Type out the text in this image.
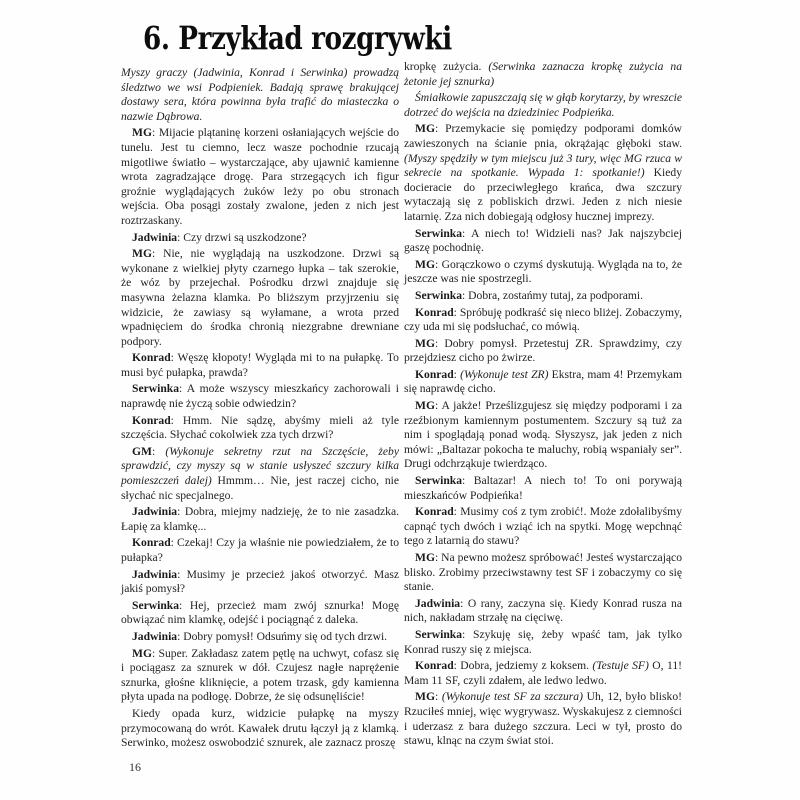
6. Przykład rozgrywki

Myszy graczy (Jadwinia, Konrad i Serwinka) prowadzą śledztwo we wsi Podpieniek. Badają sprawę brakującej dostawy sera, która powinna była trafić do miasteczka o nazwie Dąbrowa.

MG: Mijacie plątaninę korzeni osłaniających wejście do tunelu. Jest tu ciemno, lecz wasze pochodnie rzucają migotliwe światło – wystarczające, aby ujawnić kamienne wrota zagradzające drogę. Para strzegących ich figur groźnie wyglądających żuków leży po obu stronach wejścia. Oba posągi zostały zwalone, jeden z nich jest roztrzaskany.

Jadwinia: Czy drzwi są uszkodzone?

MG: Nie, nie wyglądają na uszkodzone. Drzwi są wykonane z wielkiej płyty czarnego łupka – tak szerokie, że wóz by przejechał. Pośrodku drzwi znajduje się masywna żelazna klamka. Po bliższym przyjrzeniu się widzicie, że zawiasy są wyłamane, a wrota przed wpadnięciem do środka chronią niezgrabne drewniane podpory.

Konrad: Węszę kłopoty! Wygląda mi to na pułapkę. To musi być pułapka, prawda?

Serwinka: A może wszyscy mieszkańcy zachorowali i naprawdę nie życzą sobie odwiedzin?

Konrad: Hmm. Nie sądzę, abyśmy mieli aż tyle szczęścia. Słychać cokolwiek zza tych drzwi?

GM: (Wykonuje sekretny rzut na Szczęście, żeby sprawdzić, czy myszy są w stanie usłyszeć szczury kilka pomieszczeń dalej) Hmmm… Nie, jest raczej cicho, nie słychać nic specjalnego.

Jadwinia: Dobra, miejmy nadzieję, że to nie zasadzka. Łapię za klamkę...

Konrad: Czekaj! Czy ja właśnie nie powiedziałem, że to pułapka?

Jadwinia: Musimy je przecież jakoś otworzyć. Masz jakiś pomysł?

Serwinka: Hej, przecież mam zwój sznurka! Mogę obwiązać nim klamkę, odejść i pociągnąć z daleka.

Jadwinia: Dobry pomysł! Odsuńmy się od tych drzwi.

MG: Super. Zakładasz zatem pętlę na uchwyt, cofasz się i pociągasz za sznurek w dół. Czujesz nagłe naprężenie sznurka, głośne kliknięcie, a potem trzask, gdy kamienna płyta upada na podłogę. Dobrze, że się odsunęliście!

Kiedy opada kurz, widzicie pułapkę na myszy przymocowaną do wrót. Kawałek drutu łączył ją z klamką. Serwinko, możesz oswobodzić sznurek, ale zaznacz proszę

kropkę zużycia. (Serwinka zaznacza kropkę zużycia na żetonie jej sznurka)

Śmiałkowie zapuszczają się w głąb korytarzy, by wreszcie dotrzeć do wejścia na dziedziniec Podpieńka.

MG: Przemykacie się pomiędzy podporami domków zawieszonych na ścianie pnia, okrążając głęboki staw. (Myszy spędziły w tym miejscu już 3 tury, więc MG rzuca w sekrecie na spotkanie. Wypada 1: spotkanie!) Kiedy docieracie do przeciwległego krańca, dwa szczury wytaczają się z pobliskich drzwi. Jeden z nich niesie latarnię. Zza nich dobiegają odgłosy hucznej imprezy.

Serwinka: A niech to! Widzieli nas? Jak najszybciej gaszę pochodnię.

MG: Gorączkowo o czymś dyskutują. Wygląda na to, że jeszcze was nie spostrzegli.

Serwinka: Dobra, zostańmy tutaj, za podporami.

Konrad: Spróbuję podkraść się nieco bliżej. Zobaczymy, czy uda mi się podsłuchać, co mówią.

MG: Dobry pomysł. Przetestuj ZR. Sprawdzimy, czy przejdziesz cicho po żwirze.

Konrad: (Wykonuje test ZR) Ekstra, mam 4! Przemykam się naprawdę cicho.

MG: A jakże! Prześlizgujesz się między podporami i za rzeźbionym kamiennym postumentem. Szczury są tuż za nim i spoglądają ponad wodą. Słyszysz, jak jeden z nich mówi: „Baltazar pokocha te maluchy, robią wspaniały ser”. Drugi odchrząkuje twierdząco.

Serwinka: Baltazar! A niech to! To oni porywają mieszkańców Podpieńka!

Konrad: Musimy coś z tym zrobić!. Może zdołalibyśmy capnąć tych dwóch i wziąć ich na spytki. Mogę wepchnąć tego z latarnią do stawu?

MG: Na pewno możesz spróbować! Jesteś wystarczająco blisko. Zrobimy przeciwstawny test SF i zobaczymy co się stanie.

Jadwinia: O rany, zaczyna się. Kiedy Konrad rusza na nich, nakładam strzałę na cięciwę.

Serwinka: Szykuję się, żeby wpaść tam, jak tylko Konrad ruszy się z miejsca.

Konrad: Dobra, jedziemy z koksem. (Testuje SF) O, 11! Mam 11 SF, czyli zdałem, ale ledwo ledwo.

MG: (Wykonuje test SF za szczura) Uh, 12, było blisko! Rzuciłeś mniej, więc wygrywasz. Wyskakujesz z ciemności i uderzasz z bara dużego szczura. Leci w tył, prosto do stawu, klnąc na czym świat stoi.

16
